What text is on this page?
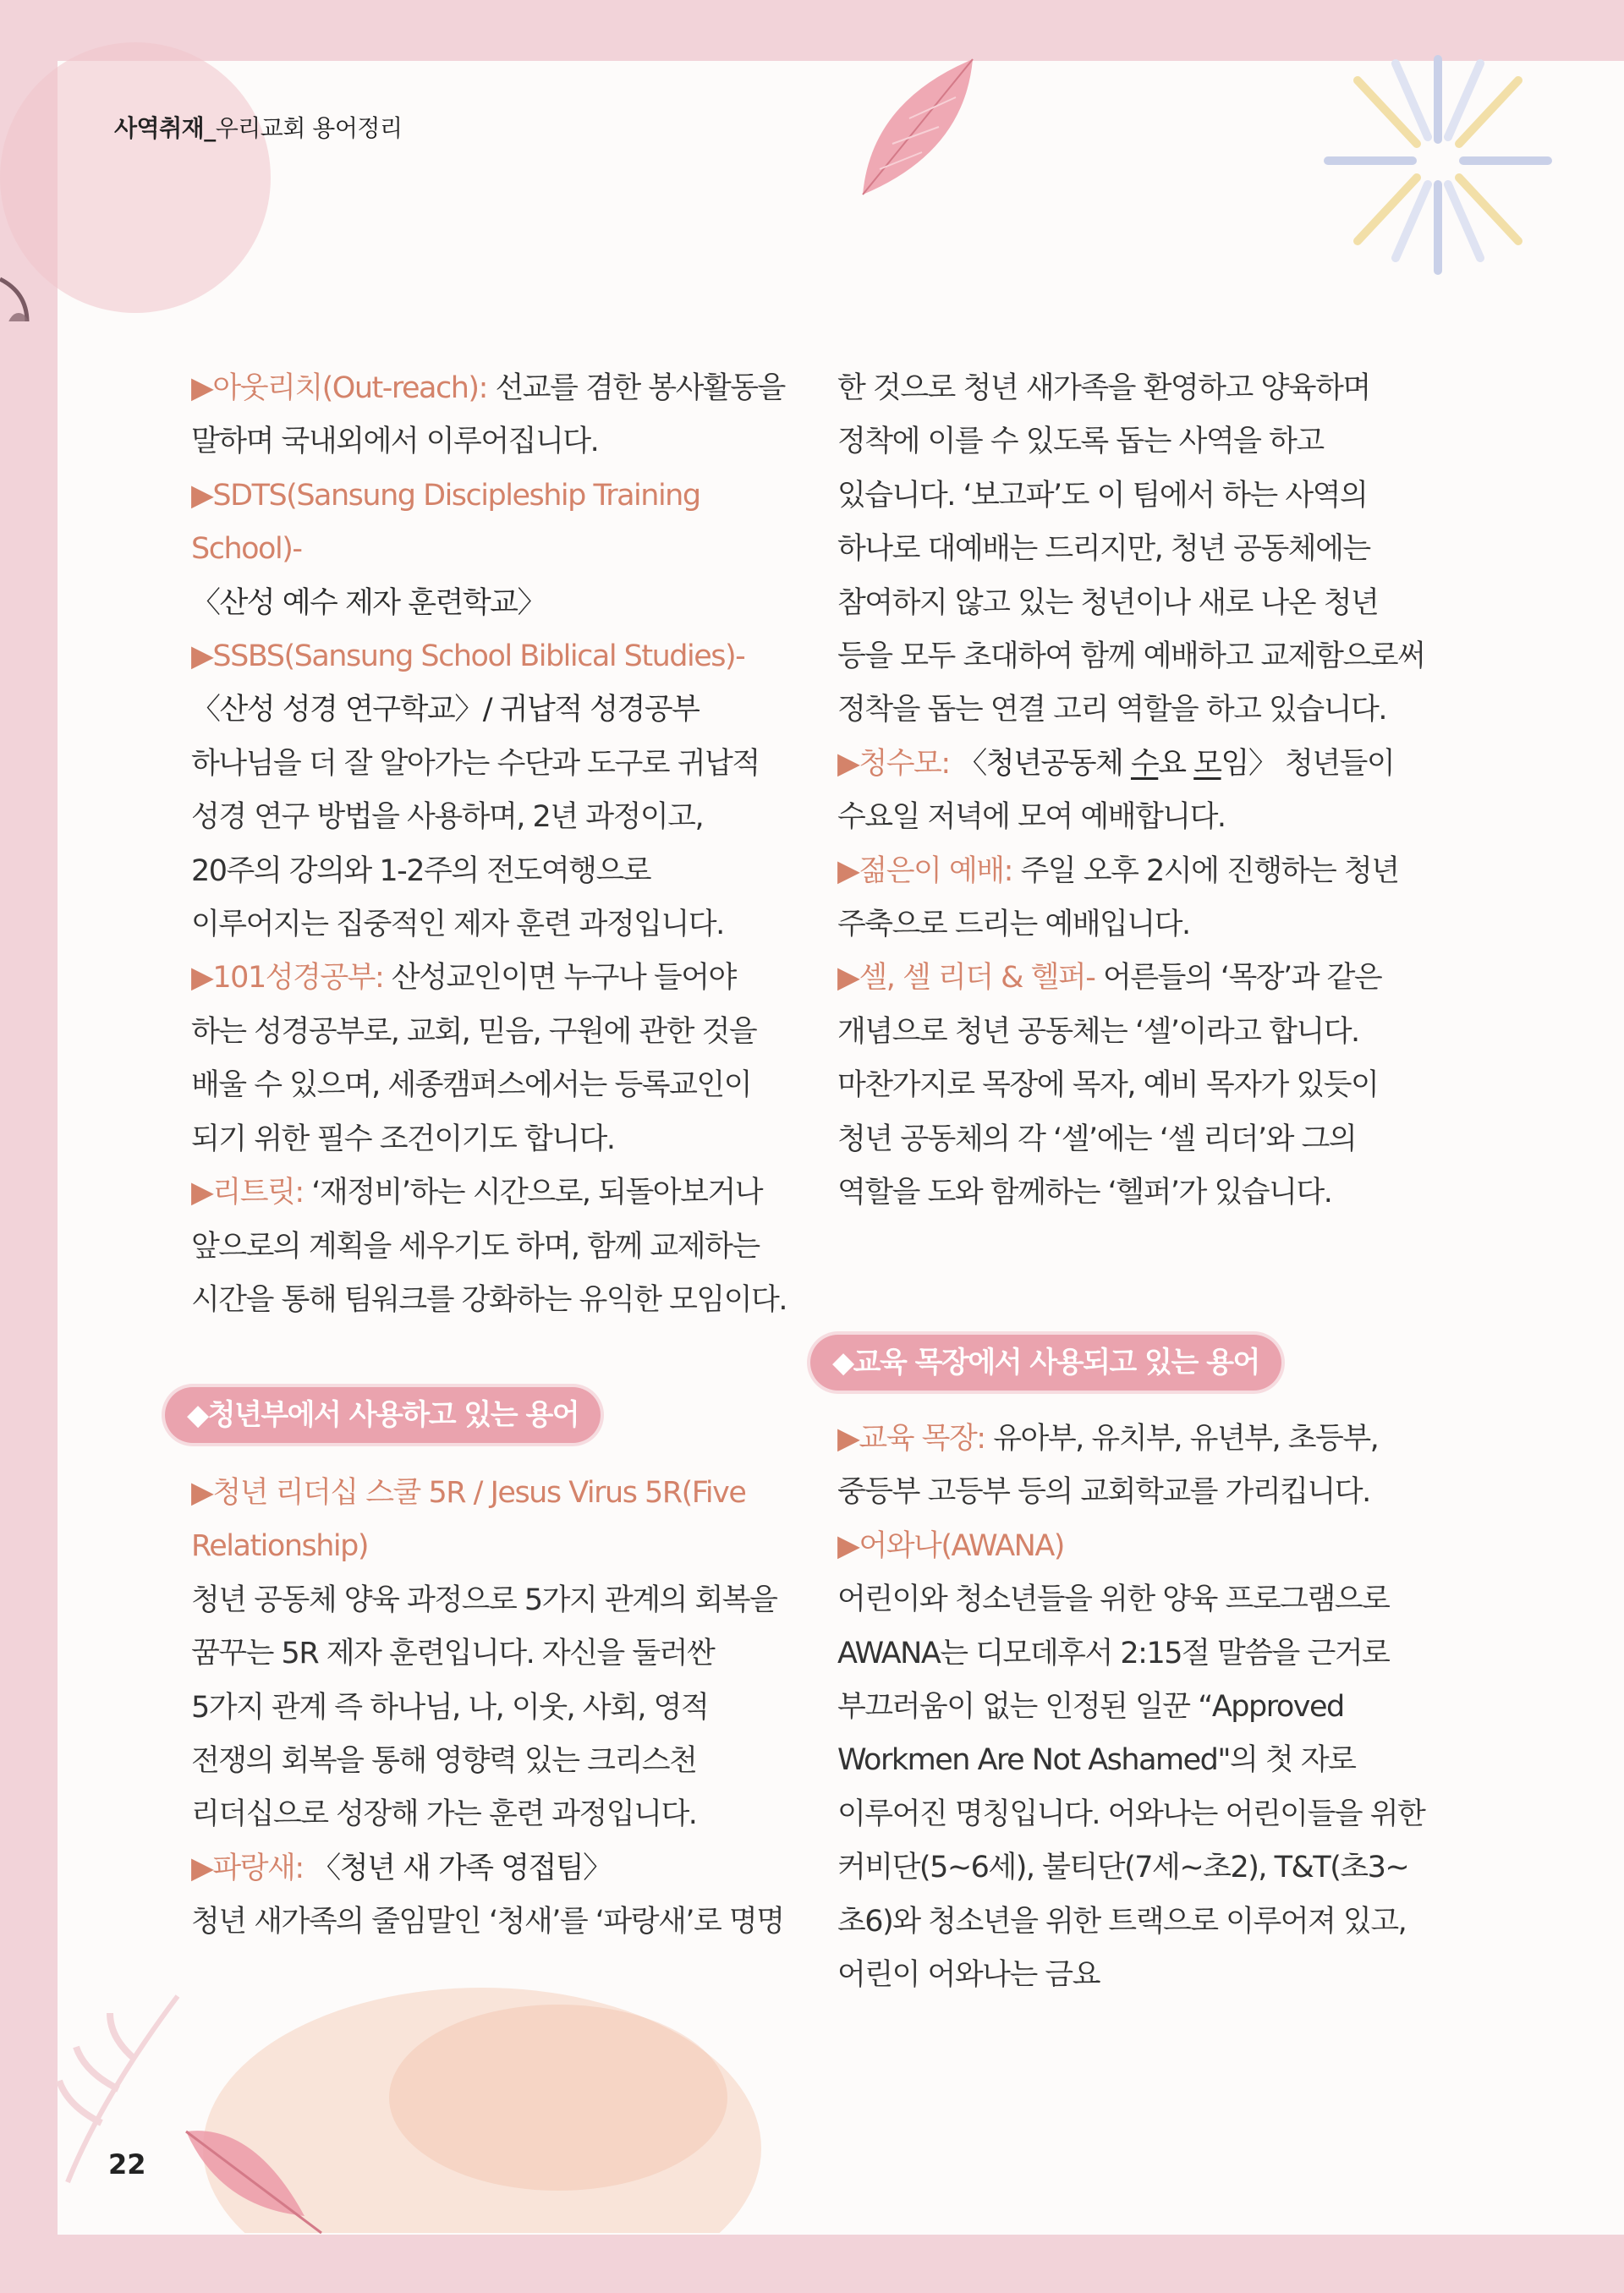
사역취재_우리교회 용어정리

▶아웃리치(Out-reach): 선교를 겸한 봉사활동을 말하며 국내외에서 이루어집니다.

▶SDTS(Sansung Discipleship Training School)-

〈산성 예수 제자 훈련학교〉

▶SSBS(Sansung School Biblical Studies)-

〈산성 성경 연구학교〉/ 귀납적 성경공부

하나님을 더 잘 알아가는 수단과 도구로 귀납적 성경 연구 방법을 사용하며, 2년 과정이고, 20주의 강의와 1-2주의 전도여행으로 이루어지는 집중적인 제자 훈련 과정입니다.

▶101성경공부: 산성교인이면 누구나 들어야 하는 성경공부로, 교회, 믿음, 구원에 관한 것을 배울 수 있으며, 세종캠퍼스에서는 등록교인이 되기 위한 필수 조건이기도 합니다.

▶리트릿: ‘재정비’하는 시간으로, 되돌아보거나 앞으로의 계획을 세우기도 하며, 함께 교제하는 시간을 통해 팀워크를 강화하는 유익한 모임이다.

한 것으로 청년 새가족을 환영하고 양육하며 정착에 이를 수 있도록 돕는 사역을 하고 있습니다. ‘보고파’도 이 팀에서 하는 사역의 하나로 대예배는 드리지만, 청년 공동체에는 참여하지 않고 있는 청년이나 새로 나온 청년 등을 모두 초대하여 함께 예배하고 교제함으로써 정착을 돕는 연결 고리 역할을 하고 있습니다.

▶청수모: 〈청년공동체 수요 모임〉 청년들이 수요일 저녁에 모여 예배합니다.

▶젊은이 예배: 주일 오후 2시에 진행하는 청년 주축으로 드리는 예배입니다.

▶셀, 셀 리더 & 헬퍼- 어른들의 ‘목장’과 같은 개념으로 청년 공동체는 ‘셀’이라고 합니다.

마찬가지로 목장에 목자, 예비 목자가 있듯이 청년 공동체의 각 ‘셀’에는 ‘셀 리더’와 그의 역할을 도와 함께하는 ‘헬퍼’가 있습니다.

◆청년부에서 사용하고 있는 용어
◆교육 목장에서 사용되고 있는 용어

▶청년 리더십 스쿨 5R / Jesus Virus 5R(Five Relationship)

청년 공동체 양육 과정으로 5가지 관계의 회복을 꿈꾸는 5R 제자 훈련입니다. 자신을 둘러싼 5가지 관계 즉 하나님, 나, 이웃, 사회, 영적 전쟁의 회복을 통해 영향력 있는 크리스천 리더십으로 성장해 가는 훈련 과정입니다.

▶파랑새: 〈청년 새 가족 영접팀〉

청년 새가족의 줄임말인 ‘청새’를 ‘파랑새’로 명명

▶교육 목장: 유아부, 유치부, 유년부, 초등부, 중등부 고등부 등의 교회학교를 가리킵니다.

▶어와나(AWANA)

어린이와 청소년들을 위한 양육 프로그램으로 AWANA는 디모데후서 2:15절 말씀을 근거로 부끄러움이 없는 인정된 일꾼 “Approved Workmen Are Not Ashamed"의 첫 자로 이루어진 명칭입니다. 어와나는 어린이들을 위한 커비단(5~6세), 불티단(7세~초2), T&T(초3~초6)와 청소년을 위한 트랙으로 이루어져 있고, 어린이 어와나는 금요

22
